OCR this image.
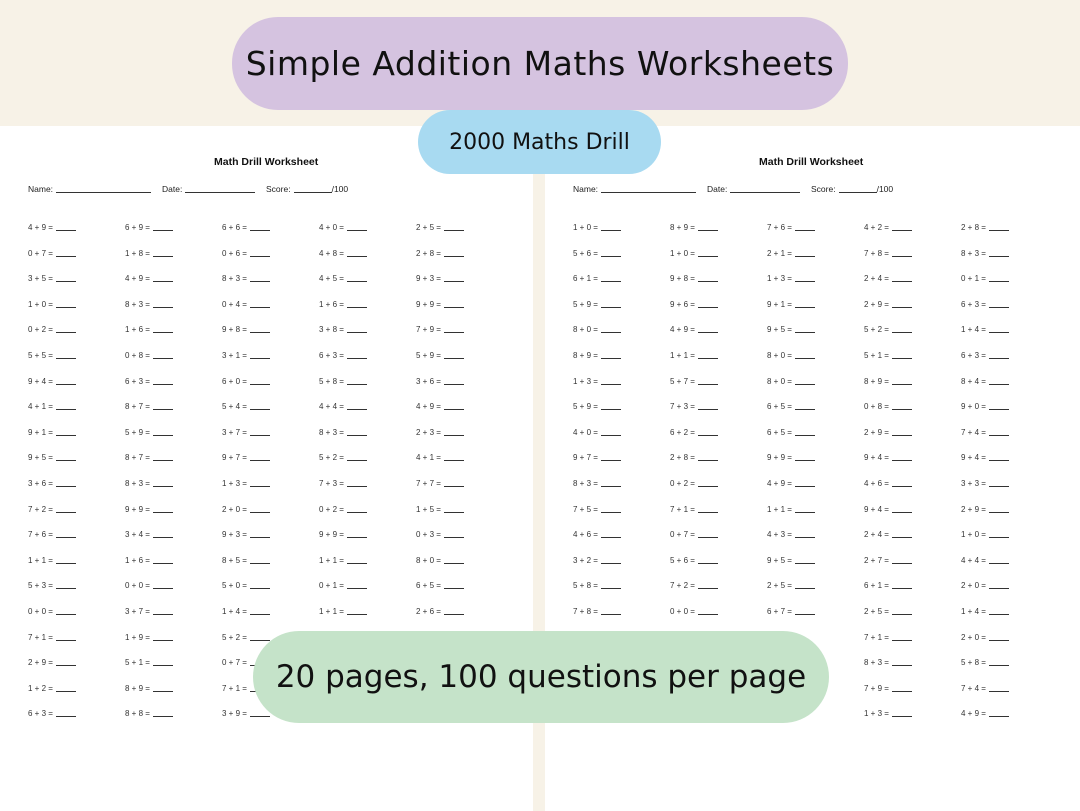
Math Drill Worksheet
Name:	Date:	Score:	/100
4 + 9 =	6 + 9 =	6 + 6 =	4 + 0 =	2 + 5 =
0 + 7 =	1 + 8 =	0 + 6 =	4 + 8 =	2 + 8 =
3 + 5 =	4 + 9 =	8 + 3 =	4 + 5 =	9 + 3 =
1 + 0 =	8 + 3 =	0 + 4 =	1 + 6 =	9 + 9 =
0 + 2 =	1 + 6 =	9 + 8 =	3 + 8 =	7 + 9 =
5 + 5 =	0 + 8 =	3 + 1 =	6 + 3 =	5 + 9 =
9 + 4 =	6 + 3 =	6 + 0 =	5 + 8 =	3 + 6 =
4 + 1 =	8 + 7 =	5 + 4 =	4 + 4 =	4 + 9 =
9 + 1 =	5 + 9 =	3 + 7 =	8 + 3 =	2 + 3 =
9 + 5 =	8 + 7 =	9 + 7 =	5 + 2 =	4 + 1 =
3 + 6 =	8 + 3 =	1 + 3 =	7 + 3 =	7 + 7 =
7 + 2 =	9 + 9 =	2 + 0 =	0 + 2 =	1 + 5 =
7 + 6 =	3 + 4 =	9 + 3 =	9 + 9 =	0 + 3 =
1 + 1 =	1 + 6 =	8 + 5 =	1 + 1 =	8 + 0 =
5 + 3 =	0 + 0 =	5 + 0 =	0 + 1 =	6 + 5 =
0 + 0 =	3 + 7 =	1 + 4 =	1 + 1 =	2 + 6 =
7 + 1 =	1 + 9 =	5 + 2 =
2 + 9 =	5 + 1 =	0 + 7 =
1 + 2 =	8 + 9 =	7 + 1 =
6 + 3 =	8 + 8 =	3 + 9 =
Math Drill Worksheet
Name:	Date:	Score:	/100
1 + 0 =	8 + 9 =	7 + 6 =	4 + 2 =	2 + 8 =
5 + 6 =	1 + 0 =	2 + 1 =	7 + 8 =	8 + 3 =
6 + 1 =	9 + 8 =	1 + 3 =	2 + 4 =	0 + 1 =
5 + 9 =	9 + 6 =	9 + 1 =	2 + 9 =	6 + 3 =
8 + 0 =	4 + 9 =	9 + 5 =	5 + 2 =	1 + 4 =
8 + 9 =	1 + 1 =	8 + 0 =	5 + 1 =	6 + 3 =
1 + 3 =	5 + 7 =	8 + 0 =	8 + 9 =	8 + 4 =
5 + 9 =	7 + 3 =	6 + 5 =	0 + 8 =	9 + 0 =
4 + 0 =	6 + 2 =	6 + 5 =	2 + 9 =	7 + 4 =
9 + 7 =	2 + 8 =	9 + 9 =	9 + 4 =	9 + 4 =
8 + 3 =	0 + 2 =	4 + 9 =	4 + 6 =	3 + 3 =
7 + 5 =	7 + 1 =	1 + 1 =	9 + 4 =	2 + 9 =
4 + 6 =	0 + 7 =	4 + 3 =	2 + 4 =	1 + 0 =
3 + 2 =	5 + 6 =	9 + 5 =	2 + 7 =	4 + 4 =
5 + 8 =	7 + 2 =	2 + 5 =	6 + 1 =	2 + 0 =
7 + 8 =	0 + 0 =	6 + 7 =	2 + 5 =	1 + 4 =
7 + 1 =	2 + 0 =
8 + 3 =	5 + 8 =
7 + 9 =	7 + 4 =
1 + 3 =	4 + 9 =
Simple Addition Maths Worksheets
2000 Maths Drill
20 pages, 100 questions per page
